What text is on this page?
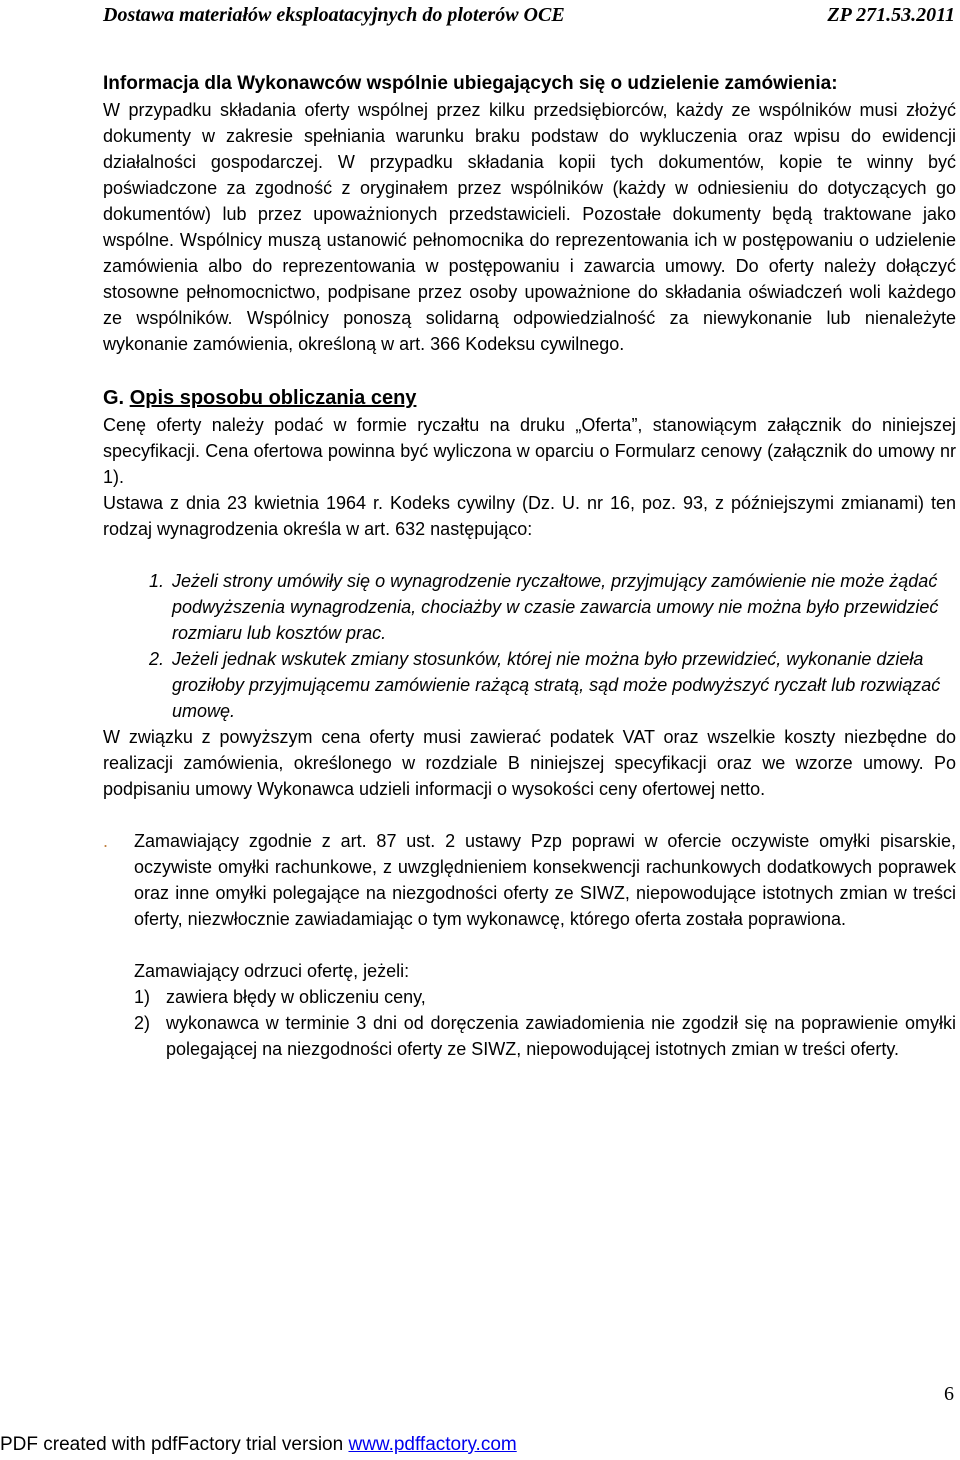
Dostawa materiałów eksploatacyjnych do ploterów OCE	ZP 271.53.2011

Informacja dla Wykonawców wspólnie ubiegających się o udzielenie zamówienia:

W przypadku składania oferty wspólnej przez kilku przedsiębiorców, każdy ze wspólników musi złożyć dokumenty w zakresie spełniania warunku braku podstaw do wykluczenia oraz wpisu do ewidencji działalności gospodarczej. W przypadku składania kopii tych dokumentów, kopie te winny być poświadczone za zgodność z oryginałem przez wspólników (każdy w odniesieniu do dotyczących go dokumentów) lub przez upoważnionych przedstawicieli. Pozostałe dokumenty będą traktowane jako wspólne. Wspólnicy muszą ustanowić pełnomocnika do reprezentowania ich w postępowaniu o udzielenie zamówienia albo do reprezentowania w postępowaniu i zawarcia umowy. Do oferty należy dołączyć stosowne pełnomocnictwo, podpisane przez osoby upoważnione do składania oświadczeń woli każdego ze wspólników. Wspólnicy ponoszą solidarną odpowiedzialność za niewykonanie lub nienależyte wykonanie zamówienia, określoną w art. 366 Kodeksu cywilnego.

G. Opis sposobu obliczania ceny

Cenę oferty należy podać w formie ryczałtu na druku „Oferta”, stanowiącym załącznik do niniejszej specyfikacji. Cena ofertowa powinna być wyliczona w oparciu o Formularz cenowy (załącznik do umowy nr 1).

Ustawa z dnia 23 kwietnia 1964 r. Kodeks cywilny (Dz. U. nr 16, poz. 93, z późniejszymi zmianami) ten rodzaj wynagrodzenia określa w art. 632 następująco:

1. Jeżeli strony umówiły się o wynagrodzenie ryczałtowe, przyjmujący zamówienie nie może żądać podwyższenia wynagrodzenia, chociażby w czasie zawarcia umowy nie można było przewidzieć rozmiaru lub kosztów prac.
2. Jeżeli jednak wskutek zmiany stosunków, której nie można było przewidzieć, wykonanie dzieła groziłoby przyjmującemu zamówienie rażącą stratą, sąd może podwyższyć ryczałt lub rozwiązać umowę.

W związku z powyższym cena oferty musi zawierać podatek VAT oraz wszelkie koszty niezbędne do realizacji zamówienia, określonego w rozdziale B niniejszej specyfikacji oraz we wzorze umowy. Po podpisaniu umowy Wykonawca udzieli informacji o wysokości ceny ofertowej netto.

. Zamawiający zgodnie z art. 87 ust. 2 ustawy Pzp poprawi w ofercie oczywiste omyłki pisarskie, oczywiste omyłki rachunkowe, z uwzględnieniem konsekwencji rachunkowych dodatkowych poprawek oraz inne omyłki polegające na niezgodności oferty ze SIWZ, niepowodujące istotnych zmian w treści oferty, niezwłocznie zawiadamiając o tym wykonawcę, którego oferta została poprawiona.

Zamawiający odrzuci ofertę, jeżeli:

1) zawiera błędy w obliczeniu ceny,
2) wykonawca w terminie 3 dni od doręczenia zawiadomienia nie zgodził się na poprawienie omyłki polegającej na niezgodności oferty ze SIWZ, niepowodującej istotnych zmian w treści oferty.
6
PDF created with pdfFactory trial version www.pdffactory.com
